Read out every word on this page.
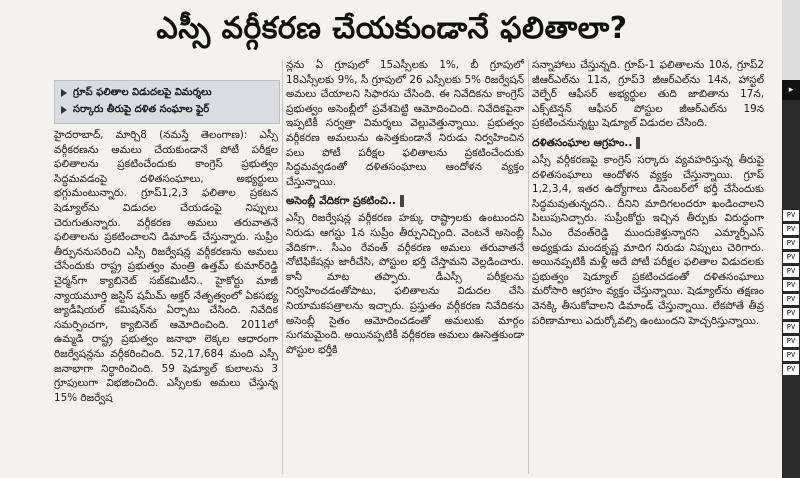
ఎస్సీ వర్గీకరణ చేయకుండానే ఫలితాలా?
గ్రూప్ ఫలితాల విడుదలపై విమర్శలు
సర్కారు తీరుపై దళిత సంఘాల ఫైర్

హైదరాబాద్, మార్చి8 (నమస్తే తెలంగాణ): ఎస్సీ వర్గీకరణను అమలు చేయకుండానే పోటీ పరీక్షల ఫలితాలను ప్రకటించేందుకు కాంగ్రెస్ ప్రభుత్వం సిద్ధమవడంపై దళితసంఘాలు, అభ్యర్థులు భగ్గుమంటున్నారు. గ్రూప్1,2,3 ఫలితాల ప్రకటన షెడ్యూల్‌ను విడుదల చేయడంపై నిప్పులు చెరుగుతున్నారు. వర్గీకరణ అమలు తరువాతనే ఫలితాలను ప్రకటించాలని డిమాండ్ చేస్తున్నారు. సుప్రీం తీర్పుననుసరించి ఎస్సీ రిజర్వేషన్ల వర్గీకరణను అమలు చేసేందుకు రాష్ట్ర ప్రభుత్వం మంత్రి ఉత్తమ్ కుమార్‌రెడ్డి చైర్మన్‌గా క్యాబినెట్ సబ్‌కమిటీని.. హైకోర్టు మాజీ న్యాయమూర్తి జస్టిస్ షమీమ్ అక్తర్ నేతృత్వంలో ఏకసభ్య జ్యుడీషియల్ కమిషన్‌ను ఏర్పాటు చేసింది. నివేదిక సమర్పించగా, క్యాబినెట్ ఆమోదించింది. 2011లో ఉమ్మడి రాష్ట్ర ప్రభుత్వం జనాభా లెక్కల ఆధారంగా రిజర్వేషన్లను వర్గీకరించింది. 52,17,684 మంది ఎస్సీ జనాభాగా నిర్ధారించింది. 59 షెడ్యూల్ కులాలను 3 గ్రూపులుగా విభజించింది. ఎస్సీలకు అమలు చేస్తున్న 15% రిజర్వేష

న్లను ఏ గ్రూపులో 15ఎస్సీలకు 1%, బీ గ్రూపులో 18ఎస్సీలకు 9%, సీ గ్రూపులో 26 ఎస్సీలకు 5% రిజర్వేషన్ అమలు చేయాలని సిఫారసు చేసింది. ఈ నివేదికను కాంగ్రెస్ ప్రభుత్వం అసెంబ్లీలో ప్రవేశపెట్టి ఆమోదించింది. నివేదికపైనా ఇప్పటికీ సర్వత్రా విమర్శలు వెల్లువెత్తున్నాయి. ప్రభుత్వం వర్గీకరణ అమలును ఉసెత్తకుండానే నిరుడు నిర్వహించిన పలు పోటీ పరీక్షల ఫలితాలను ప్రకటించేందుకు సిద్ధమవ్వడంతో దళితసంఘాలు ఆందోళన వ్యక్తం చేస్తున్నాయి.

అసెంబ్లీ వేదికగా ప్రకటించి..

ఎస్సీ రిజర్వేషన్ల వర్గీకరణ హక్కు రాష్ట్రాలకు ఉంటుందని నిరుడు ఆగస్టు 1న సుప్రీం తీర్పునిచ్చింది. వెంటనే అసెంబ్లీ వేదికగా.. సీఎం రేవంత్ వర్గీకరణ అమలు తరువాతనే నోటిఫికేషన్లు జారీచేసి, పోస్టుల భర్తీ చేస్తామని వెల్లడించారు. కానీ మాట తప్పారు. డీఎస్సీ పరీక్షలను నిర్వహించడంతోపాటు, ఫలితాలను విడుదల చేసి నియామకపత్రాలను ఇచ్చారు. ప్రస్తుతం వర్గీకరణ నివేదికను అసెంబ్లీ సైతం ఆమోదించడంతో అమలుకు మార్గం సుగమమైంది. అయినప్పటికీ వర్గీకరణ అమలు ఊసెత్తకుండా పోస్టుల భర్తీకి

సన్నాహాలు చేస్తున్నది. గ్రూప్-1 ఫలితాలను 10న, గ్రూప్2 జీఆర్‌ఎల్‌ను 11న, గ్రూప్3 జీఆర్‌ఎల్‌ను 14న, హాస్టల్ వెల్ఫేర్ ఆఫీసర్ అభ్యర్థుల తుది జాబితాను 17న, ఎక్స్‌టెన్షన్ ఆఫీసర్ పోస్టుల జీఆర్‌ఎల్‌ను 19న ప్రకటించనున్నట్టు షెడ్యూల్ విడుదల చేసింది.

దళితసంఘాల ఆగ్రహం..

ఎస్సీ వర్గీకరణపై కాంగ్రెస్ సర్కారు వ్యవహరిస్తున్న తీరుపై దళితసంఘాలు ఆందోళన వ్యక్తం చేస్తున్నాయి. గ్రూప్ 1,2,3,4, ఇతర ఉద్యోగాలు డిసెంబర్‌లో భర్తీ చేసేందుకు సిద్ధమవుతున్నదని.. దీనిని మాదిగలందరూ ఖండించాలని పిలుపునిచ్చారు. సుప్రీంకోర్టు ఇచ్చిన తీర్పుకు విరుద్ధంగా సీఎం రేవంత్‌రెడ్డి ముందుకెళ్తున్నారని ఎమ్మార్పీఎస్ అధ్యక్షుడు మందకృష్ణ మాదిగ నిరుడు నిప్పులు చెరిగారు. అయినప్పటికీ మళ్లీ అదే పోటీ పరీక్షల ఫలితాల విడుదలకు ప్రభుత్వం షెడ్యూల్ ప్రకటించడంతో దళితసంఘాలు మరోసారి ఆగ్రహం వ్యక్తం చేస్తున్నాయి. షెడ్యూల్‌ను తక్షణం వెనక్కి తీసుకోవాలని డిమాండ్ చేస్తున్నాయి. లేకపోతే తీవ్ర పరిణామాలు ఎదుర్కోవల్సి ఉంటుందని హెచ్చరిస్తున్నాయి.

▸
PV
PV
PV
PV
PV
PV
PV
PV
PV
PV
PV
PV
